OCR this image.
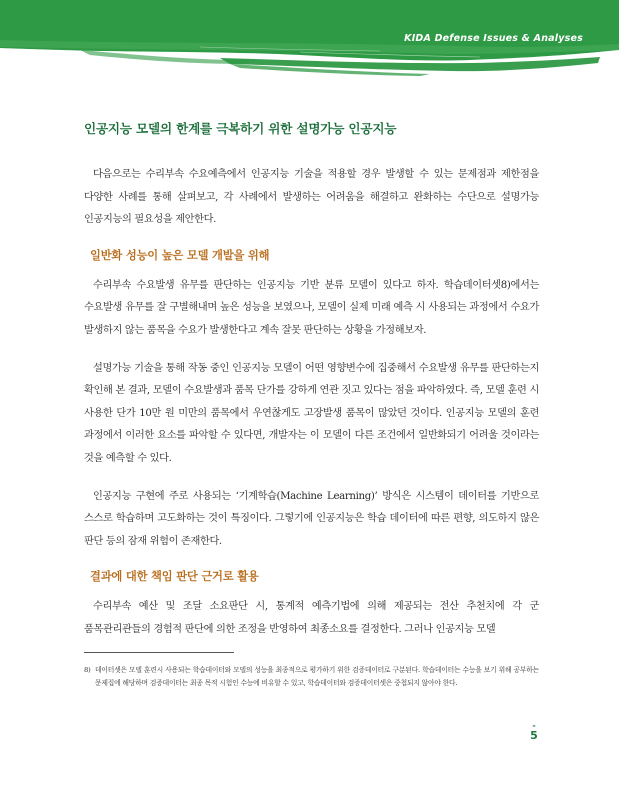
KIDA Defense Issues & Analyses
인공지능 모델의 한계를 극복하기 위한 설명가능 인공지능

다음으로는 수리부속 수요예측에서 인공지능 기술을 적용할 경우 발생할 수 있는 문제점과 제한점을 다양한 사례를 통해 살펴보고, 각 사례에서 발생하는 어려움을 해결하고 완화하는 수단으로 설명가능 인공지능의 필요성을 제안한다.

일반화 성능이 높은 모델 개발을 위해

수리부속 수요발생 유무를 판단하는 인공지능 기반 분류 모델이 있다고 하자. 학습데이터셋8)에서는 수요발생 유무를 잘 구별해내며 높은 성능을 보였으나, 모델이 실제 미래 예측 시 사용되는 과정에서 수요가 발생하지 않는 품목을 수요가 발생한다고 계속 잘못 판단하는 상황을 가정해보자.

설명가능 기술을 통해 작동 중인 인공지능 모델이 어떤 영향변수에 집중해서 수요발생 유무를 판단하는지 확인해 본 결과, 모델이 수요발생과 품목 단가를 강하게 연관 짓고 있다는 점을 파악하였다. 즉, 모델 훈련 시 사용한 단가 10만 원 미만의 품목에서 우연찮게도 고장발생 품목이 많았던 것이다. 인공지능 모델의 훈련 과정에서 이러한 요소를 파악할 수 있다면, 개발자는 이 모델이 다른 조건에서 일반화되기 어려울 것이라는 것을 예측할 수 있다.

인공지능 구현에 주로 사용되는 ‘기계학습(Machine Learning)’ 방식은 시스템이 데이터를 기반으로 스스로 학습하며 고도화하는 것이 특징이다. 그렇기에 인공지능은 학습 데이터에 따른 편향, 의도하지 않은 판단 등의 잠재 위험이 존재한다.

결과에 대한 책임 판단 근거로 활용

수리부속 예산 및 조달 소요판단 시, 통계적 예측기법에 의해 제공되는 전산 추천치에 각 군 품목관리관들의 경험적 판단에 의한 조정을 반영하여 최종소요를 결정한다. 그러나 인공지능 모델

8) 데이터셋은 모델 훈련시 사용되는 학습데이터와 모델의 성능을 최종적으로 평가하기 위한 검증데이터로 구분된다. 학습데이터는 수능을 보기 위해 공부하는 문제집에 해당하며 검증데이터는 최종 목적 시험인 수능에 비유할 수 있고, 학습데이터와 검증데이터셋은 중첩되지 않아야 한다.
-
5
